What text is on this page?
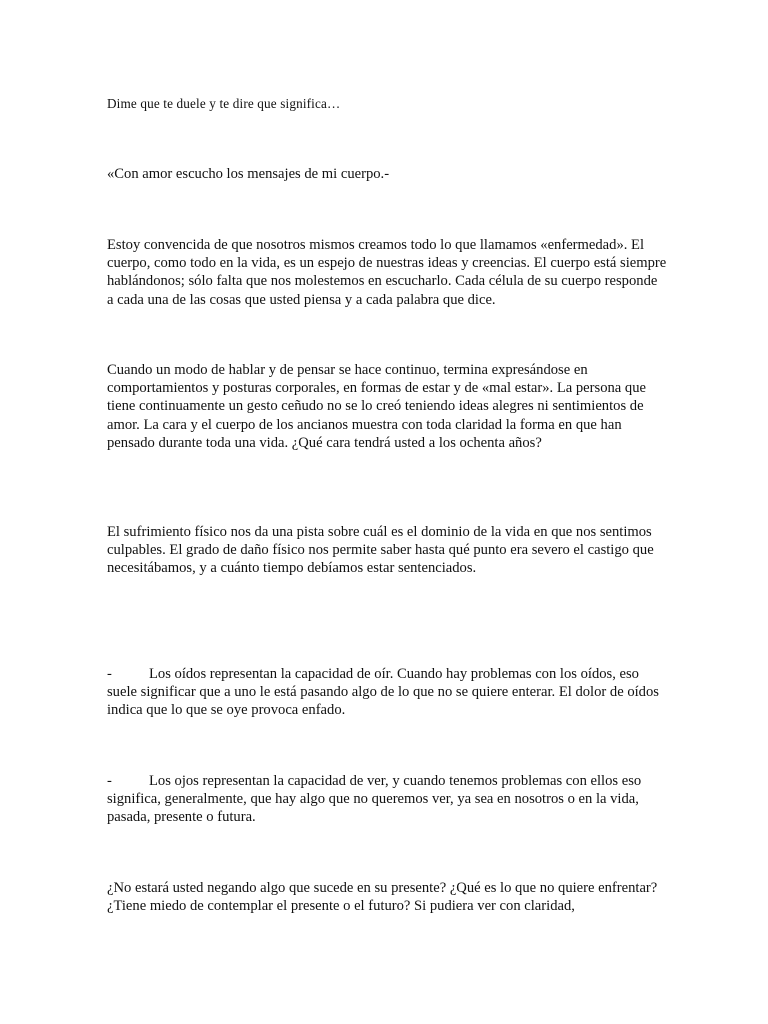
Dime que te duele y te dire que significa…

«Con amor escucho los mensajes de mi cuerpo.-

Estoy convencida de que nosotros mismos creamos todo lo que llamamos «enfermedad». El cuerpo, como todo en la vida, es un espejo de nuestras ideas y creencias. El cuerpo está siempre hablándonos; sólo falta que nos molestemos en escucharlo. Cada célula de su cuerpo responde a cada una de las cosas que usted piensa y a cada palabra que dice.

Cuando un modo de hablar y de pensar se hace continuo, termina expresándose en comportamientos y posturas corporales, en formas de estar y de «mal estar». La persona que tiene continuamente un gesto ceñudo no se lo creó teniendo ideas alegres ni sentimientos de amor. La cara y el cuerpo de los ancianos muestra con toda claridad la forma en que han pensado durante toda una vida. ¿Qué cara tendrá usted a los ochenta años?

El sufrimiento físico nos da una pista sobre cuál es el dominio de la vida en que nos sentimos culpables. El grado de daño físico nos permite saber hasta qué punto era severo el castigo que necesitábamos, y a cuánto tiempo debíamos estar sentenciados.

-	Los oídos representan la capacidad de oír. Cuando hay problemas con los oídos, eso suele significar que a uno le está pasando algo de lo que no se quiere enterar. El dolor de oídos indica que lo que se oye provoca enfado.

-	Los ojos representan la capacidad de ver, y cuando tenemos problemas con ellos eso significa, generalmente, que hay algo que no queremos ver, ya sea en nosotros o en la vida, pasada, presente o futura.

¿No estará usted negando algo que sucede en su presente? ¿Qué es lo que no quiere enfrentar? ¿Tiene miedo de contemplar el presente o el futuro? Si pudiera ver con claridad,
